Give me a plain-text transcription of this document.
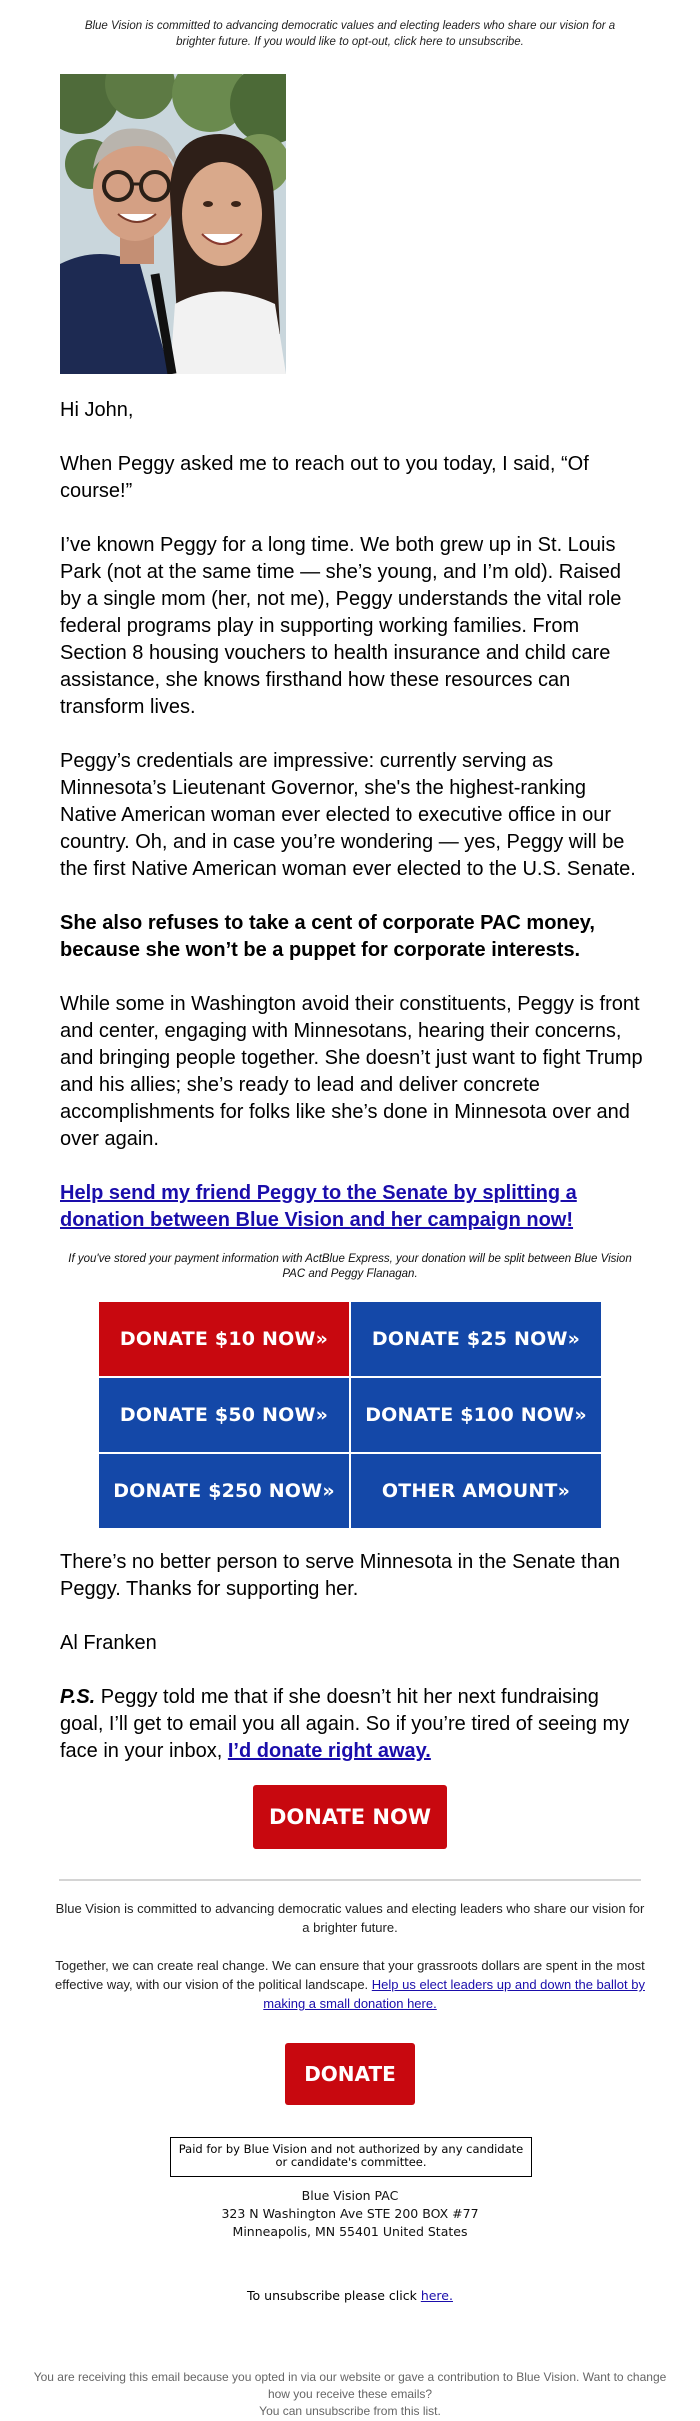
Blue Vision is committed to advancing democratic values and electing leaders who share our vision for a brighter future. If you would like to opt-out, click here to unsubscribe.

Hi John,

When Peggy asked me to reach out to you today, I said, “Of course!”

I’ve known Peggy for a long time. We both grew up in St. Louis Park (not at the same time — she’s young, and I’m old). Raised by a single mom (her, not me), Peggy understands the vital role federal programs play in supporting working families. From Section 8 housing vouchers to health insurance and child care assistance, she knows firsthand how these resources can transform lives.

Peggy’s credentials are impressive: currently serving as Minnesota’s Lieutenant Governor, she's the highest-ranking Native American woman ever elected to executive office in our country. Oh, and in case you’re wondering — yes, Peggy will be the first Native American woman ever elected to the U.S. Senate.

She also refuses to take a cent of corporate PAC money, because she won’t be a puppet for corporate interests.

While some in Washington avoid their constituents, Peggy is front and center, engaging with Minnesotans, hearing their concerns, and bringing people together. She doesn’t just want to fight Trump and his allies; she’s ready to lead and deliver concrete accomplishments for folks like she’s done in Minnesota over and over again.

Help send my friend Peggy to the Senate by splitting a donation between Blue Vision and her campaign now!
If you've stored your payment information with ActBlue Express, your donation will be split between Blue Vision PAC and Peggy Flanagan.
DONATE $10 NOW»	DONATE $25 NOW»
DONATE $50 NOW»	DONATE $100 NOW»
DONATE $250 NOW»	OTHER AMOUNT»

There’s no better person to serve Minnesota in the Senate than Peggy. Thanks for supporting her.

Al Franken

P.S. Peggy told me that if she doesn’t hit her next fundraising goal, I’ll get to email you all again. So if you’re tired of seeing my face in your inbox, I’d donate right away.

DONATE NOW

Blue Vision is committed to advancing democratic values and electing leaders who share our vision for a brighter future.

Together, we can create real change. We can ensure that your grassroots dollars are spent in the most effective way, with our vision of the political landscape. Help us elect leaders up and down the ballot by making a small donation here.

DONATE
Paid for by Blue Vision and not authorized by any candidate or candidate's committee.
Blue Vision PAC
323 N Washington Ave STE 200 BOX #77
Minneapolis, MN 55401 United States
To unsubscribe please click here.
You are receiving this email because you opted in via our website or gave a contribution to Blue Vision. Want to change how you receive these emails?
You can unsubscribe from this list.
